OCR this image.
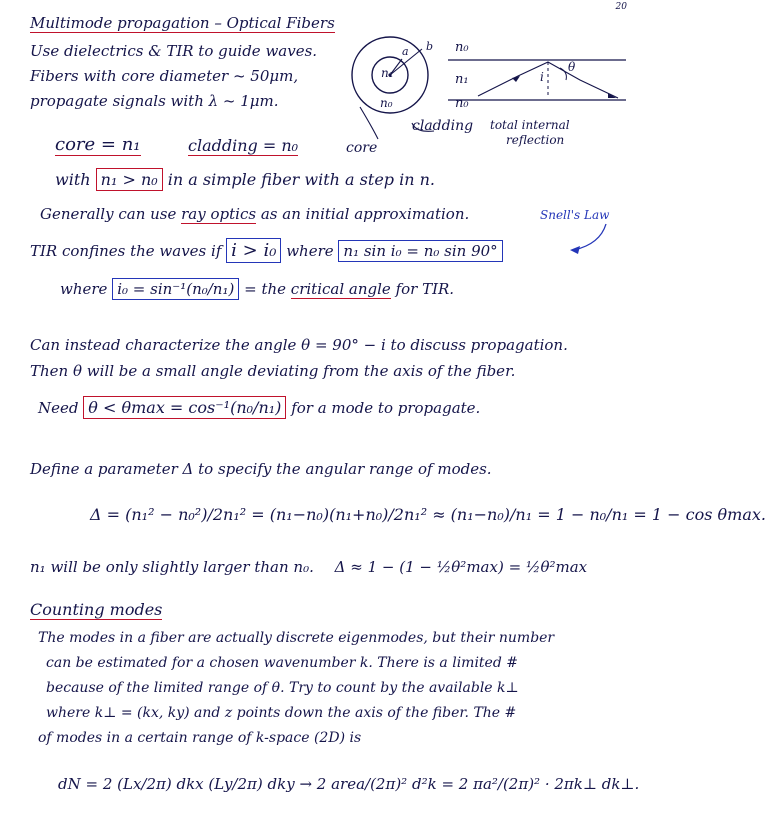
20
Multimode propagation – Optical Fibers
Use dielectrics & TIR to guide waves.
Fibers with core diameter ~ 50μm,
propagate signals with λ ~ 1μm.
a b
n₁
n₀
cladding
core
n₀
n₁
n₀
i
θ
total internal
reflection
core = n₁	cladding = n₀
with n₁ > n₀ in a simple fiber with a step in n.
Generally can use ray optics as an initial approximation.	Snell's Law
TIR confines the waves if i > i₀ where n₁ sin i₀ = n₀ sin 90°
where i₀ = sin⁻¹(n₀/n₁) = the critical angle for TIR.
Can instead characterize the angle θ = 90° − i to discuss propagation.
Then θ will be a small angle deviating from the axis of the fiber.
Need θ < θmax = cos⁻¹(n₀/n₁) for a mode to propagate.
Define a parameter Δ to specify the angular range of modes.
Δ = (n₁² − n₀²)/2n₁² = (n₁−n₀)(n₁+n₀)/2n₁² ≈ (n₁−n₀)/n₁ = 1 − n₀/n₁ = 1 − cos θmax.
n₁ will be only slightly larger than n₀. Δ ≈ 1 − (1 − ½θ²max) = ½θ²max
Counting modes
The modes in a fiber are actually discrete eigenmodes, but their number
can be estimated for a chosen wavenumber k. There is a limited #
because of the limited range of θ. Try to count by the available k⊥
where k⊥ = (kx, ky) and z points down the axis of the fiber. The #
of modes in a certain range of k-space (2D) is
dN = 2 (Lx/2π) dkx (Ly/2π) dky → 2 area/(2π)² d²k = 2 πa²/(2π)² · 2πk⊥ dk⊥.
